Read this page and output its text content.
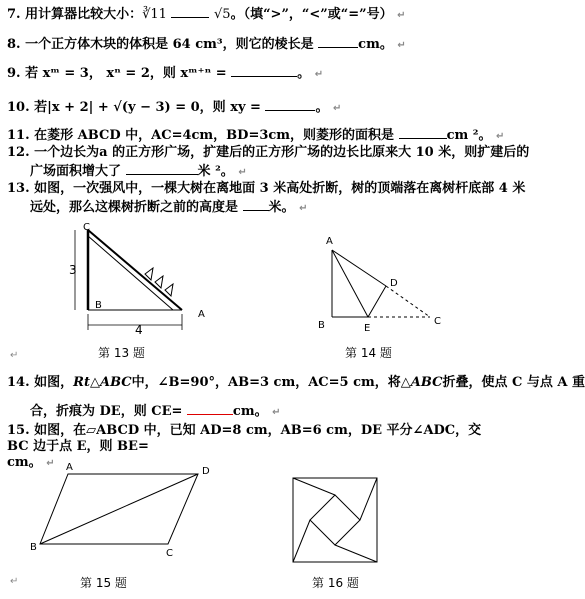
7. 用计算器比较大小：∛11	√5。（填“>”，“<”或“=”号） ↵
8. 一个正方体木块的体积是 64 cm³，则它的棱长是	cm。 ↵
9. 若 xᵐ = 3， xⁿ = 2，则 xᵐ⁺ⁿ =	。 ↵
10. 若|x + 2| + √(y − 3) = 0，则 xy =	。 ↵
11. 在菱形 ABCD 中，AC=4cm，BD=3cm，则菱形的面积是	cm ²。 ↵
12. 一个边长为a 的正方形广场，扩建后的正方形广场的边长比原来大 10 米，则扩建后的
广场面积增大了	米 ²。 ↵
13. 如图，一次强风中，一棵大树在离地面 3 米高处折断，树的顶端落在离树杆底部 4 米
远处，那么这棵树折断之前的高度是 米。 ↵
C
B
A
3
4
第 13 题
↵
A
B	E
D
C
第 14 题
14. 如图，Rt△ABC中，∠B=90°，AB=3 cm，AC=5 cm，将△ABC折叠，使点 C 与点 A 重
合，折痕为 DE，则 CE=	cm。 ↵
15. 如图，在▱ABCD 中，已知 AD=8 cm，AB=6 cm，DE 平分∠ADC，交 BC 边于点 E，则 BE=
cm。 ↵	A	D
B
C
第 15 题
↵	第 16 题
